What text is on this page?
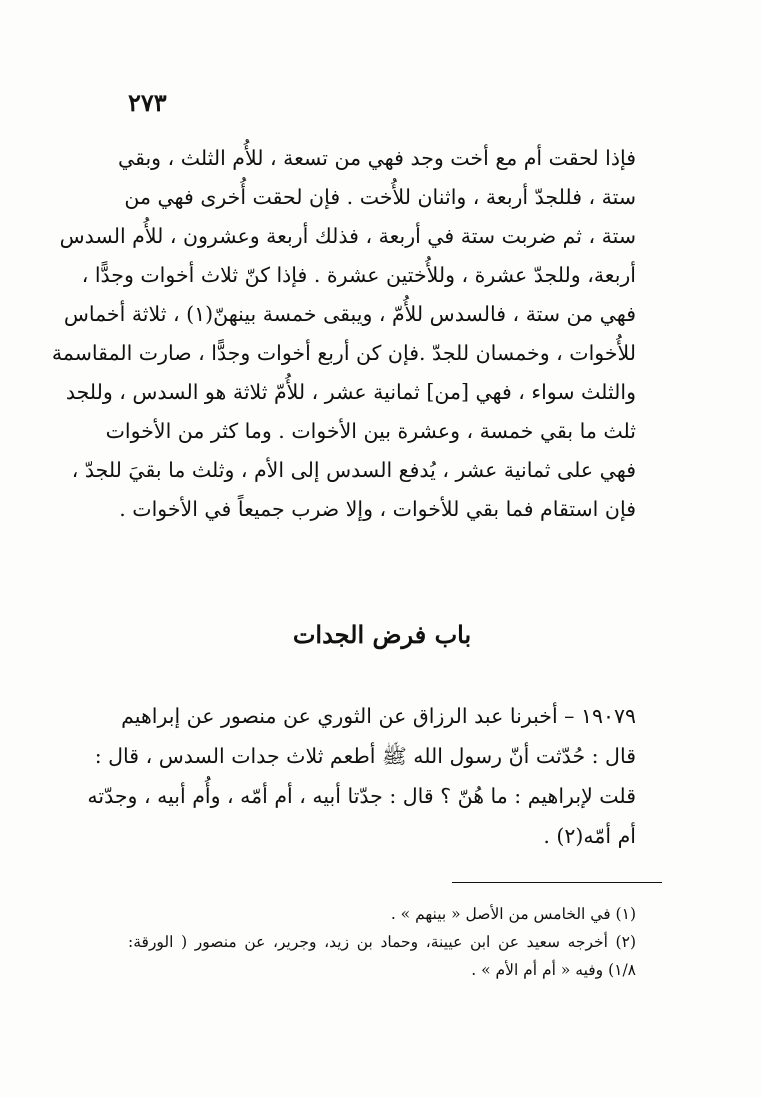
٢٧٣
فإذا لحقت أم مع أخت وجد فهي من تسعة ، للأُم الثلث ، وبقي
ستة ، فللجدّ أربعة ، واثنان للأُخت . فإن لحقت أُخرى فهي من
ستة ، ثم ضربت ستة في أربعة ، فذلك أربعة وعشرون ، للأُم السدس
أربعة، وللجدّ عشرة ، وللأُختين عشرة . فإذا كنّ ثلاث أخوات وجدًّا ،
فهي من ستة ، فالسدس للأُمّ ، ويبقى خمسة بينهنّ(١) ، ثلاثة أخماس
للأُخوات ، وخمسان للجدّ .فإن كن أربع أخوات وجدًّا ، صارت المقاسمة
والثلث سواء ، فهي [من] ثمانية عشر ، للأُمّ ثلاثة هو السدس ، وللجد
ثلث ما بقي خمسة ، وعشرة بين الأخوات . وما كثر من الأخوات
فهي على ثمانية عشر ، يُدفع السدس إلى الأم ، وثلث ما بقيَ للجدّ ،
فإن استقام فما بقي للأخوات ، وإلا ضرب جميعاً في الأخوات .
باب فرض الجدات
١٩٠٧٩ – أخبرنا عبد الرزاق عن الثوري عن منصور عن إبراهيم
قال : حُدّثت أنّ رسول الله ﷺ أطعم ثلاث جدات السدس ، قال :
قلت لإبراهيم : ما هُنّ ؟ قال : جدّتا أبيه ، أم أمّه ، وأُم أبيه ، وجدّته
أم أمّه(٢) .
(١) في الخامس من الأصل « بينهم » .
(٢) أخرجه سعيد عن ابن عيينة، وحماد بن زيد، وجرير، عن منصور ( الورقة:
١/٨) وفيه « أم أم الأم » .
